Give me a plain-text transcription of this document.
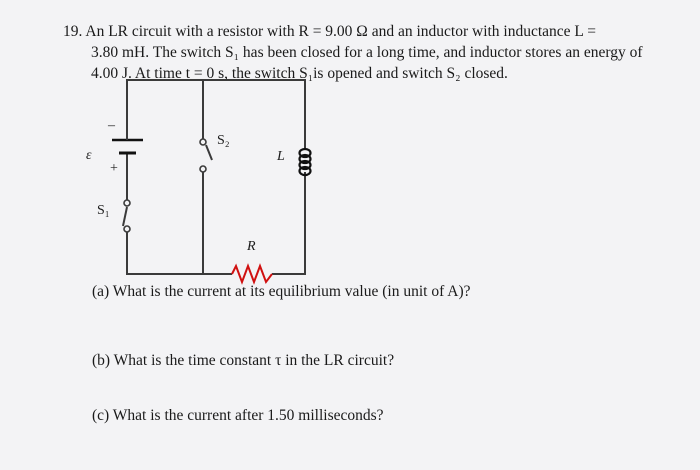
19. An LR circuit with a resistor with R = 9.00 Ω and an inductor with inductance L =
3.80 mH. The switch S₁ has been closed for a long time, and inductor stores an energy of
4.00 J. At time t = 0 s, the switch S₁is opened and switch S₂ closed.
ε
–
+
S₁
S₂
L
R
(a) What is the current at its equilibrium value (in unit of A)?
(b) What is the time constant τ in the LR circuit?
(c) What is the current after 1.50 milliseconds?
